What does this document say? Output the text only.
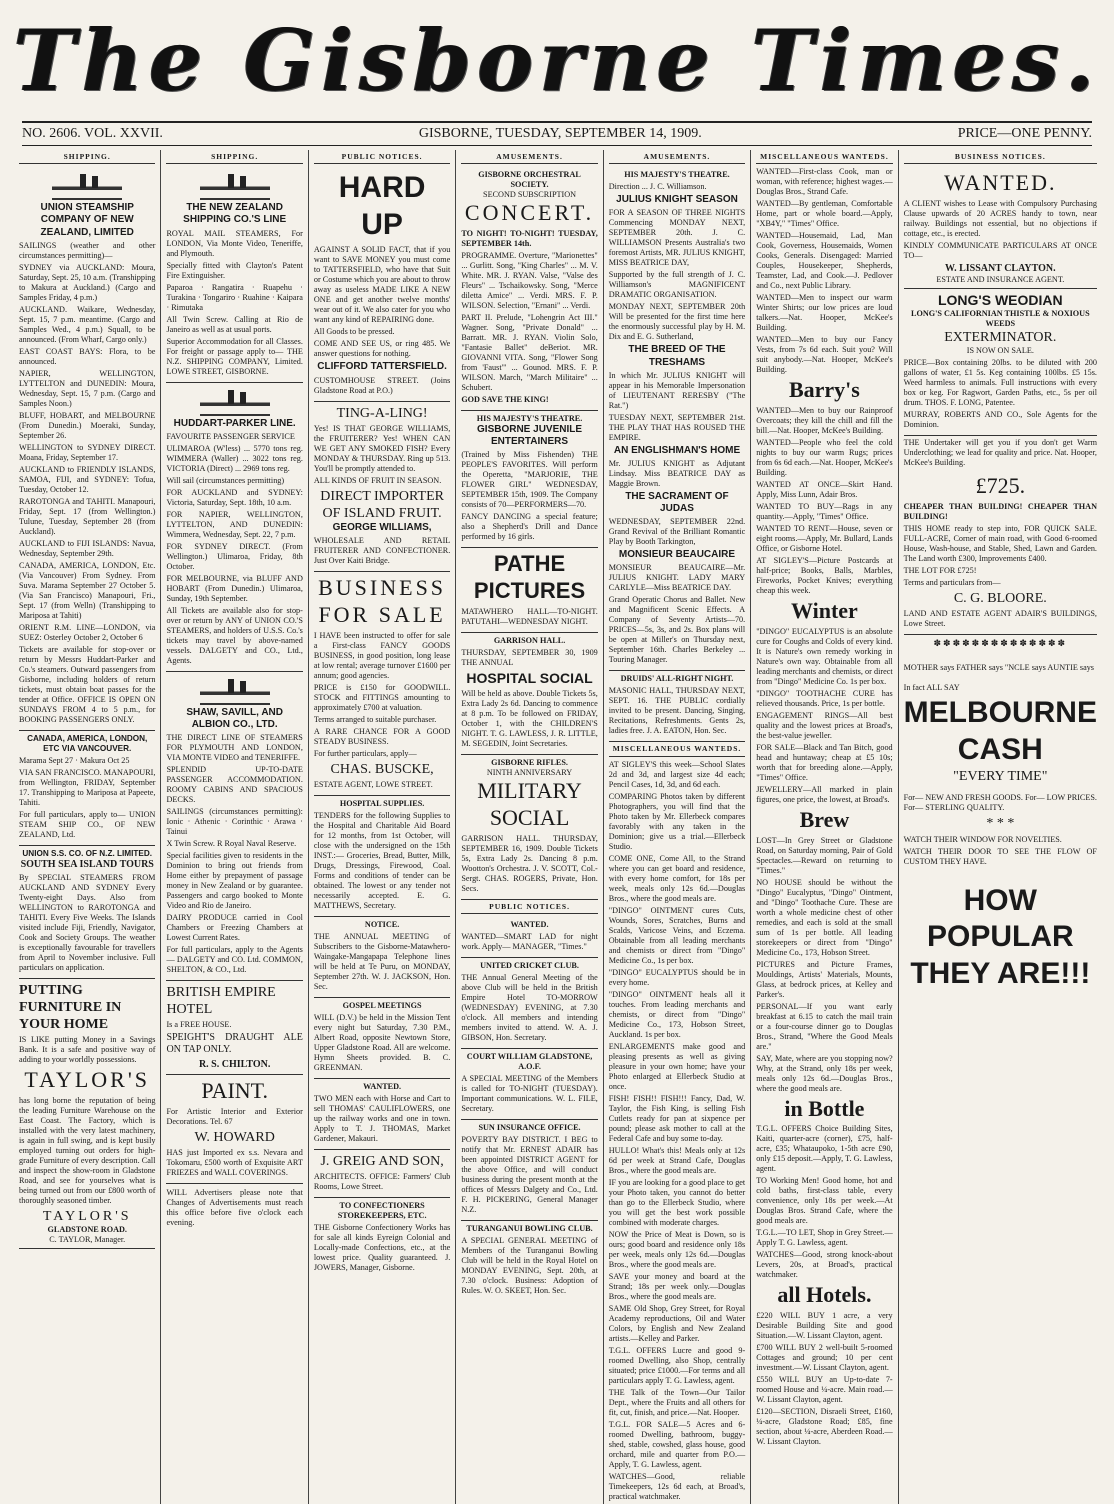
The Gisborne Times.
NO. 2606. VOL. XXVII.	GISBORNE, TUESDAY, SEPTEMBER 14, 1909.	PRICE—ONE PENNY.
SHIPPING.
UNION STEAMSHIP COMPANY OF NEW ZEALAND, LIMITED
SAILINGS (weather and other circumstances permitting)—
SYDNEY via AUCKLAND: Moura, Saturday, Sept. 25, 10 a.m. (Transhipping to Makura at Auckland.) (Cargo and Samples Friday, 4 p.m.)
AUCKLAND. Waikare, Wednesday, Sept. 15, 7 p.m. meantime. (Cargo and Samples Wed., 4 p.m.) Squall, to be announced. (From Wharf, Cargo only.)
EAST COAST BAYS: Flora, to be announced.
NAPIER, WELLINGTON, LYTTELTON and DUNEDIN: Moura, Wednesday, Sept. 15, 7 p.m. (Cargo and Samples Noon.)
BLUFF, HOBART, and MELBOURNE (From Dunedin.) Moeraki, Sunday, September 26.
WELLINGTON to SYDNEY DIRECT. Moana, Friday, September 17.
AUCKLAND to FRIENDLY ISLANDS, SAMOA, FIJI, and SYDNEY: Tofua, Tuesday, October 12.
RAROTONGA and TAHITI. Manapouri, Friday, Sept. 17 (from Wellington.) Tulune, Tuesday, September 28 (from Auckland).
AUCKLAND to FIJI ISLANDS: Navua, Wednesday, September 29th.
CANADA, AMERICA, LONDON, Etc. (Via Vancouver) From Sydney. From Suva. Marama September 27 October 5. (Via San Francisco) Manapouri, Fri., Sept. 17 (from Welln) (Transhipping to Mariposa at Tahiti)
ORIENT R.M. LINE—LONDON, via SUEZ: Osterley October 2, October 6
Tickets are available for stop-over or return by Messrs Huddart-Parker and Co.'s steamers. Outward passengers from Gisborne, including holders of return tickets, must obtain boat passes for the tender at Office. OFFICE IS OPEN ON SUNDAYS FROM 4 to 5 p.m., for BOOKING PASSENGERS ONLY.
CANADA, AMERICA, LONDON, ETC VIA VANCOUVER.
Marama Sept 27 · Makura Oct 25
VIA SAN FRANCISCO. MANAPOURI, from Wellington, FRIDAY, September 17. Transhipping to Mariposa at Papeete, Tahiti.
For full particulars, apply to— UNION STEAM SHIP CO., OF NEW ZEALAND, Ltd.
UNION S.S. CO. OF N.Z. LIMITED.
SOUTH SEA ISLAND TOURS
By SPECIAL STEAMERS FROM AUCKLAND AND SYDNEY Every Twenty-eight Days. Also from WELLINGTON to RAROTONGA and TAHITI. Every Five Weeks. The Islands visited include Fiji, Friendly, Navigator, Cook and Society Groups. The weather is exceptionally favourable for travellers from April to November inclusive. Full particulars on application.
PUTTING FURNITURE IN YOUR HOME
IS LIKE putting Money in a Savings Bank. It is a safe and positive way of adding to your worldly possessions.
TAYLOR'S
has long borne the reputation of being the leading Furniture Warehouse on the East Coast. The Factory, which is installed with the very latest machinery, is again in full swing, and is kept busily employed turning out orders for high-grade Furniture of every description. Call and inspect the show-room in Gladstone Road, and see for yourselves what is being turned out from our £800 worth of thoroughly seasoned timber.
TAYLOR'S
GLADSTONE ROAD.
C. TAYLOR, Manager.
SHIPPING.
THE NEW ZEALAND SHIPPING CO.'S LINE
ROYAL MAIL STEAMERS, For LONDON, Via Monte Video, Teneriffe, and Plymouth.
Specially fitted with Clayton's Patent Fire Extinguisher.
Paparoa · Rangatira · Ruapehu · Turakina · Tongariro · Ruahine · Kaipara · Rimutaka
All Twin Screw. Calling at Rio de Janeiro as well as at usual ports.
Superior Accommodation for all Classes. For freight or passage apply to— THE N.Z. SHIPPING COMPANY, Limited. LOWE STREET, GISBORNE.
HUDDART-PARKER LINE.
FAVOURITE PASSENGER SERVICE
ULIMAROA (W'less) ... 5770 tons reg. WIMMERA (Waller) ... 3022 tons reg. VICTORIA (Direct) ... 2969 tons reg.
Will sail (circumstances permitting)
FOR AUCKLAND and SYDNEY: Victoria, Saturday, Sept. 18th, 10 a.m.
FOR NAPIER, WELLINGTON, LYTTELTON, AND DUNEDIN: Wimmera, Wednesday, Sept. 22, 7 p.m.
FOR SYDNEY DIRECT. (From Wellington.) Ulimaroa, Friday, 8th October.
FOR MELBOURNE, via BLUFF AND HOBART (From Dunedin.) Ulimaroa, Sunday, 19th September.
All Tickets are available also for stop-over or return by ANY of UNION CO.'S STEAMERS, and holders of U.S.S. Co.'s tickets may travel by above-named vessels. DALGETY and CO., Ltd., Agents.
SHAW, SAVILL, AND ALBION CO., LTD.
THE DIRECT LINE OF STEAMERS FOR PLYMOUTH AND LONDON, VIA MONTE VIDEO and TENERIFFE.
SPLENDID UP-TO-DATE PASSENGER ACCOMMODATION. ROOMY CABINS AND SPACIOUS DECKS.
SAILINGS (circumstances permitting): Ionic · Athenic · Corinthic · Arawa · Tainui
X Twin Screw. R Royal Naval Reserve.
Special facilities given to residents in the Dominion to bring out friends from Home either by prepayment of passage money in New Zealand or by guarantee. Passengers and cargo booked to Monte Video and Rio de Janeiro.
DAIRY PRODUCE carried in Cool Chambers or Freezing Chambers at Lowest Current Rates.
For full particulars, apply to the Agents— DALGETY and CO. Ltd. COMMON, SHELTON, & CO., Ltd.
BRITISH EMPIRE HOTEL
Is a FREE HOUSE.
SPEIGHT'S DRAUGHT ALE ON TAP ONLY.
R. S. CHILTON.
PAINT.
For Artistic Interior and Exterior Decorations. Tel. 67
W. HOWARD
HAS just Imported ex s.s. Nevara and Tokomaru, £500 worth of Exquisite ART FRIEZES and WALL COVERINGS.
WILL Advertisers please note that Changes of Advertisements must reach this office before five o'clock each evening.
PUBLIC NOTICES.
HARD UP
AGAINST A SOLID FACT, that if you want to SAVE MONEY you must come to TATTERSFIELD, who have that Suit or Costume which you are about to throw away as useless MADE LIKE A NEW ONE and get another twelve months' wear out of it. We also cater for you who want any kind of REPAIRING done.
All Goods to be pressed.
COME AND SEE US, or ring 485. We answer questions for nothing.
CLIFFORD TATTERSFIELD.
CUSTOMHOUSE STREET. (Joins Gladstone Road at P.O.)
TING-A-LING!
Yes! IS THAT GEORGE WILLIAMS, the FRUITERER? Yes! WHEN CAN WE GET ANY SMOKED FISH? Every MONDAY & THURSDAY. Ring up 513. You'll be promptly attended to.
ALL KINDS OF FRUIT IN SEASON.
DIRECT IMPORTER OF ISLAND FRUIT.
GEORGE WILLIAMS,
WHOLESALE AND RETAIL FRUITERER AND CONFECTIONER. Just Over Kaiti Bridge.
BUSINESS FOR SALE
I HAVE been instructed to offer for sale a First-class FANCY GOODS BUSINESS, in good position, long lease at low rental; average turnover £1600 per annum; good agencies.
PRICE is £150 for GOODWILL. STOCK and FITTINGS amounting to approximately £700 at valuation.
Terms arranged to suitable purchaser.
A RARE CHANCE FOR A GOOD STEADY BUSINESS.
For further particulars, apply—
CHAS. BUSCKE,
ESTATE AGENT, LOWE STREET.
HOSPITAL SUPPLIES.
TENDERS for the following Supplies to the Hospital and Charitable Aid Board for 12 months, from 1st October, will close with the undersigned on the 15th INST.:— Groceries, Bread, Butter, Milk, Drugs, Dressings, Firewood, Coal. Forms and conditions of tender can be obtained. The lowest or any tender not necessarily accepted. E. G. MATTHEWS, Secretary.
NOTICE.
THE ANNUAL MEETING of Subscribers to the Gisborne-Matawhero-Waingake-Mangapapa Telephone lines will be held at Te Puru, on MONDAY, September 27th. W. J. JACKSON, Hon. Sec.
GOSPEL MEETINGS
WILL (D.V.) be held in the Mission Tent every night but Saturday, 7.30 P.M., Albert Road, opposite Newtown Store, Upper Gladstone Road. All are welcome. Hymn Sheets provided. B. C. GREENMAN.
WANTED.
TWO MEN each with Horse and Cart to sell THOMAS' CAULIFLOWERS, one up the railway works and one in town. Apply to T. J. THOMAS, Market Gardener, Makauri.
J. GREIG AND SON,
ARCHITECTS. OFFICE: Farmers' Club Rooms, Lowe Street.
TO CONFECTIONERS STOREKEEPERS, ETC.
THE Gisborne Confectionery Works has for sale all kinds Eyreign Colonial and Locally-made Confections, etc., at the lowest price. Quality guaranteed. J. JOWERS, Manager, Gisborne.
AMUSEMENTS.
GISBORNE ORCHESTRAL SOCIETY.
SECOND SUBSCRIPTION
CONCERT.
TO NIGHT! TO-NIGHT! TUESDAY, SEPTEMBER 14th.
PROGRAMME. Overture, "Marionettes" ... Gurlitt. Song, "King Charles" ... M. V. White. MR. J. RYAN. Valse, "Valse des Fleurs" ... Tschaikowsky. Song, "Merce diletta Amice" ... Verdi. MRS. F. P. WILSON. Selection, "Ernani" ... Verdi.
PART II. Prelude, "Lohengrin Act III." Wagner. Song, "Private Donald" ... Barratt. MR. J. RYAN. Violin Solo, "Fantasie Ballet" deBeriot. MR. GIOVANNI VITA. Song, "Flower Song from 'Faust'" ... Gounod. MRS. F. P. WILSON. March, "March Militaire" ... Schubert.
GOD SAVE THE KING!
HIS MAJESTY'S THEATRE.
GISBORNE JUVENILE ENTERTAINERS
(Trained by Miss Fishenden) THE PEOPLE'S FAVORITES. Will perform the Operetta, "MARJORIE, THE FLOWER GIRL" WEDNESDAY, SEPTEMBER 15th, 1909. The Company consists of 70—PERFORMERS—70.
FANCY DANCING a special feature; also a Shepherd's Drill and Dance performed by 16 girls.
PATHE PICTURES
MATAWHERO HALL—TO-NIGHT. PATUTAHI—WEDNESDAY NIGHT.
GARRISON HALL.
THURSDAY, SEPTEMBER 30, 1909 THE ANNUAL
HOSPITAL SOCIAL
Will be held as above. Double Tickets 5s, Extra Lady 2s 6d. Dancing to commence at 8 p.m. To be followed on FRIDAY, October 1, with the CHILDREN'S NIGHT. T. G. LAWLESS, J. R. LITTLE, M. SEGEDIN, Joint Secretaries.
GISBORNE RIFLES.
NINTH ANNIVERSARY
MILITARY SOCIAL
GARRISON HALL. THURSDAY, SEPTEMBER 16, 1909. Double Tickets 5s, Extra Lady 2s. Dancing 8 p.m. Wootton's Orchestra. J. V. SCOTT, Col.-Sergt. CHAS. ROGERS, Private, Hon. Secs.
PUBLIC NOTICES.
WANTED.
WANTED—SMART LAD for night work. Apply— MANAGER, "Times."
UNITED CRICKET CLUB.
THE Annual General Meeting of the above Club will be held in the British Empire Hotel TO-MORROW (WEDNESDAY) EVENING, at 7.30 o'clock. All members and intending members invited to attend. W. A. J. GIBSON, Hon. Secretary.
COURT WILLIAM GLADSTONE, A.O.F.
A SPECIAL MEETING of the Members is called for TO-NIGHT (TUESDAY). Important communications. W. L. FILE, Secretary.
SUN INSURANCE OFFICE.
POVERTY BAY DISTRICT. I BEG to notify that Mr. ERNEST ADAIR has been appointed DISTRICT AGENT for the above Office, and will conduct business during the present month at the offices of Messrs Dalgety and Co., Ltd. F. H. PICKERING, General Manager N.Z.
TURANGANUI BOWLING CLUB.
A SPECIAL GENERAL MEETING of Members of the Turanganui Bowling Club will be held in the Royal Hotel on MONDAY EVENING, Sept. 20th, at 7.30 o'clock. Business: Adoption of Rules. W. O. SKEET, Hon. Sec.
AMUSEMENTS.
HIS MAJESTY'S THEATRE.
Direction ... J. C. Williamson.
JULIUS KNIGHT SEASON
FOR A SEASON OF THREE NIGHTS Commencing MONDAY NEXT, SEPTEMBER 20th. J. C. WILLIAMSON Presents Australia's two foremost Artists, MR. JULIUS KNIGHT, MISS BEATRICE DAY,
Supported by the full strength of J. C. Williamson's MAGNIFICENT DRAMATIC ORGANISATION.
MONDAY NEXT, SEPTEMBER 20th Will be presented for the first time here the enormously successful play by H. M. Dix and E. G. Sutherland,
THE BREED OF THE TRESHAMS
In which Mr. JULIUS KNIGHT will appear in his Memorable Impersonation of LIEUTENANT RERESBY ("The Rat.")
TUESDAY NEXT, SEPTEMBER 21st. THE PLAY THAT HAS ROUSED THE EMPIRE.
AN ENGLISHMAN'S HOME
Mr. JULIUS KNIGHT as Adjutant Lindsay. Miss BEATRICE DAY as Maggie Brown.
THE SACRAMENT OF JUDAS
WEDNESDAY, SEPTEMBER 22nd. Grand Revival of the Brilliant Romantic Play by Booth Tarkington,
MONSIEUR BEAUCAIRE
MONSIEUR BEAUCAIRE—Mr. JULIUS KNIGHT. LADY MARY CARLYLE—Miss BEATRICE DAY.
Grand Operatic Chorus and Ballet. New and Magnificent Scenic Effects. A Company of Seventy Artists—70. PRICES—5s, 3s, and 2s. Box plans will be open at Miller's on Thursday next, September 16th. Charles Berkeley ... Touring Manager.
DRUIDS' ALL-RIGHT NIGHT.
MASONIC HALL, THURSDAY NEXT, SEPT. 16. THE PUBLIC cordially invited to be present. Dancing, Singing, Recitations, Refreshments. Gents 2s, ladies free. J. A. EATON, Hon. Sec.
MISCELLANEOUS WANTEDS.
AT SIGLEY'S this week—School Slates 2d and 3d, and largest size 4d each; Pencil Cases, 1d, 3d, and 6d each.
COMPARING Photos taken by different Photographers, you will find that the Photo taken by Mr. Ellerbeck compares favorably with any taken in the Dominion; give us a trial.—Ellerbeck Studio.
COME ONE, Come All, to the Strand where you can get board and residence, with every home comfort, for 18s per week, meals only 12s 6d.—Douglas Bros., where the good meals are.
"DINGO" OINTMENT cures Cuts, Wounds, Sores, Scratches, Burns and Scalds, Varicose Veins, and Eczema. Obtainable from all leading merchants and chemists or direct from "Dingo" Medicine Co., 1s per box.
"DINGO" EUCALYPTUS should be in every home.
"DINGO" OINTMENT heals all it touches. From leading merchants and chemists, or direct from "Dingo" Medicine Co., 173, Hobson Street, Auckland. 1s per box.
ENLARGEMENTS make good and pleasing presents as well as giving pleasure in your own home; have your Photo enlarged at Ellerbeck Studio at once.
FISH! FISH!! FISH!!! Fancy, Dad, W. Taylor, the Fish King, is selling Fish Cutlets ready for pan at sixpence per pound; please ask mother to call at the Federal Cafe and buy some to-day.
HULLO! What's this! Meals only at 12s 6d per week at Strand Cafe, Douglas Bros., where the good meals are.
IF you are looking for a good place to get your Photo taken, you cannot do better than go to the Ellerbeck Studio, where you will get the best work possible combined with moderate charges.
NOW the Price of Meat is Down, so is ours; good board and residence only 18s per week, meals only 12s 6d.—Douglas Bros., where the good meals are.
SAVE your money and board at the Strand; 18s per week only.—Douglas Bros., where the good meals are.
SAME Old Shop, Grey Street, for Royal Academy reproductions, Oil and Water Colors, by English and New Zealand artists.—Kelley and Parker.
T.G.L. OFFERS Lucre and good 9-roomed Dwelling, also Shop, centrally situated; price £1000.—For terms and all particulars apply T. G. Lawless, agent.
THE Talk of the Town—Our Tailor Dept., where the Fruits and all others for fit, cut, finish, and price.—Nat. Hooper.
T.G.L. FOR SALE—5 Acres and 6-roomed Dwelling, bathroom, buggy-shed, stable, cowshed, glass house, good orchard, mile and quarter from P.O.—Apply, T. G. Lawless, agent.
WATCHES—Good, reliable Timekeepers, 12s 6d each, at Broad's, practical watchmaker.
MISCELLANEOUS WANTEDS.
WANTED—First-class Cook, man or woman, with reference; highest wages.—Douglas Bros., Strand Cafe.
WANTED—By gentleman, Comfortable Home, part or whole board.—Apply, "XB4Y," "Times" Office.
WANTED—Housemaid, Lad, Man Cook, Governess, Housemaids, Women Cooks, Generals. Disengaged: Married Couples, Housekeeper, Shepherds, Teamster, Lad, and Cook.—J. Pedlover and Co., next Public Library.
WANTED—Men to inspect our warm Winter Shirts; our low prices are loud talkers.—Nat. Hooper, McKee's Building.
WANTED—Men to buy our Fancy Vests, from 7s 6d each. Suit you? Will suit anybody.—Nat. Hooper, McKee's Building.
Barry's
WANTED—Men to buy our Rainproof Overcoats; they kill the chill and fill the bill.—Nat. Hooper, McKee's Building.
WANTED—People who feel the cold nights to buy our warm Rugs; prices from 6s 6d each.—Nat. Hooper, McKee's Building.
WANTED AT ONCE—Skirt Hand. Apply, Miss Lunn, Adair Bros.
WANTED TO BUY—Rags in any quantity.—Apply, "Times" Office.
WANTED TO RENT—House, seven or eight rooms.—Apply, Mr. Bullard, Lands Office, or Gisborne Hotel.
AT SIGLEY'S—Picture Postcards at half-price; Books, Balls, Marbles, Fireworks, Pocket Knives; everything cheap this week.
Winter
"DINGO" EUCALYPTUS is an absolute cure for Coughs and Colds of every kind. It is Nature's own remedy working in Nature's own way. Obtainable from all leading merchants and chemists, or direct from "Dingo" Medicine Co. 1s per box.
"DINGO" TOOTHACHE CURE has relieved thousands. Price, 1s per bottle.
ENGAGEMENT RINGS—All best quality and the lowest prices at Broad's, the best-value jeweller.
FOR SALE—Black and Tan Bitch, good head and huntaway; cheap at £5 10s; worth that for breeding alone.—Apply, "Times" Office.
JEWELLERY—All marked in plain figures, one price, the lowest, at Broad's.
Brew
LOST—In Grey Street or Gladstone Road, on Saturday morning, Pair of Gold Spectacles.—Reward on returning to "Times."
NO HOUSE should be without the "Dingo" Eucalyptus, "Dingo" Ointment, and "Dingo" Toothache Cure. These are worth a whole medicine chest of other remedies, and each is sold at the small sum of 1s per bottle. All leading storekeepers or direct from "Dingo" Medicine Co., 173, Hobson Street.
PICTURES and Picture Frames, Mouldings, Artists' Materials, Mounts, Glass, at bedrock prices, at Kelley and Parker's.
PERSONAL—If you want early breakfast at 6.15 to catch the mail train or a four-course dinner go to Douglas Bros., Strand, "Where the Good Meals are."
SAY, Mate, where are you stopping now? Why, at the Strand, only 18s per week, meals only 12s 6d.—Douglas Bros., where the good meals are.
in Bottle
T.G.L. OFFERS Choice Building Sites, Kaiti, quarter-acre (corner), £75, half-acre, £35; Whataupoko, 1-5th acre £90, only £15 deposit.—Apply, T. G. Lawless, agent.
TO Working Men! Good home, hot and cold baths, first-class table, every convenience, only 18s per week.—At Douglas Bros. Strand Cafe, where the good meals are.
T.G.L.—TO LET, Shop in Grey Street.—Apply T. G. Lawless, agent.
WATCHES—Good, strong knock-about Levers, 20s, at Broad's, practical watchmaker.
all Hotels.
£220 WILL BUY 1 acre, a very Desirable Building Site and good Situation.—W. Lissant Clayton, agent.
£700 WILL BUY 2 well-built 5-roomed Cottages and ground; 10 per cent investment.—W. Lissant Clayton, agent.
£550 WILL BUY an Up-to-date 7-roomed House and ¼-acre. Main road.—W. Lissant Clayton, agent.
£120—SECTION, Disraeli Street, £160, ¼-acre, Gladstone Road; £85, fine section, about ¼-acre, Aberdeen Road.—W. Lissant Clayton.
BUSINESS NOTICES.
WANTED.
A CLIENT wishes to Lease with Compulsory Purchasing Clause upwards of 20 ACRES handy to town, near railway. Buildings not essential, but no objections if cottage, etc., is erected.
KINDLY COMMUNICATE PARTICULARS AT ONCE TO—
W. LISSANT CLAYTON.
ESTATE AND INSURANCE AGENT.
LONG'S WEODIAN
LONG'S CALIFORNIAN THISTLE & NOXIOUS WEEDS
EXTERMINATOR.
IS NOW ON SALE.
PRICE—Box containing 20lbs. to be diluted with 200 gallons of water, £1 5s. Keg containing 100lbs. £5 15s. Weed harmless to animals. Full instructions with every box or keg. For Ragwort, Garden Paths, etc., 5s per oil drum. THOS. F. LONG, Patentee.
MURRAY, ROBERTS AND CO., Sole Agents for the Dominion.
THE Undertaker will get you if you don't get Warm Underclothing; we lead for quality and price. Nat. Hooper, McKee's Building.
£725.
CHEAPER THAN BUILDING! CHEAPER THAN BUILDING!
THIS HOME ready to step into, FOR QUICK SALE. FULL-ACRE, Corner of main road, with Good 6-roomed House, Wash-house, and Stable, Shed, Lawn and Garden. The Land worth £300, Improvements £400.
THE LOT FOR £725!
Terms and particulars from—
C. G. BLOORE.
LAND AND ESTATE AGENT ADAIR'S BUILDINGS, Lowe Street.
✽✽✽✽✽✽✽✽✽✽✽✽✽✽
MOTHER says FATHER says "NCLE says AUNTIE says
In fact ALL SAY
MELBOURNE CASH
"EVERY TIME"
For— NEW AND FRESH GOODS. For— LOW PRICES. For— STERLING QUALITY.
* * *
WATCH THEIR WINDOW FOR NOVELTIES.
WATCH THEIR DOOR TO SEE THE FLOW OF CUSTOM THEY HAVE.
HOW POPULAR THEY ARE!!!
